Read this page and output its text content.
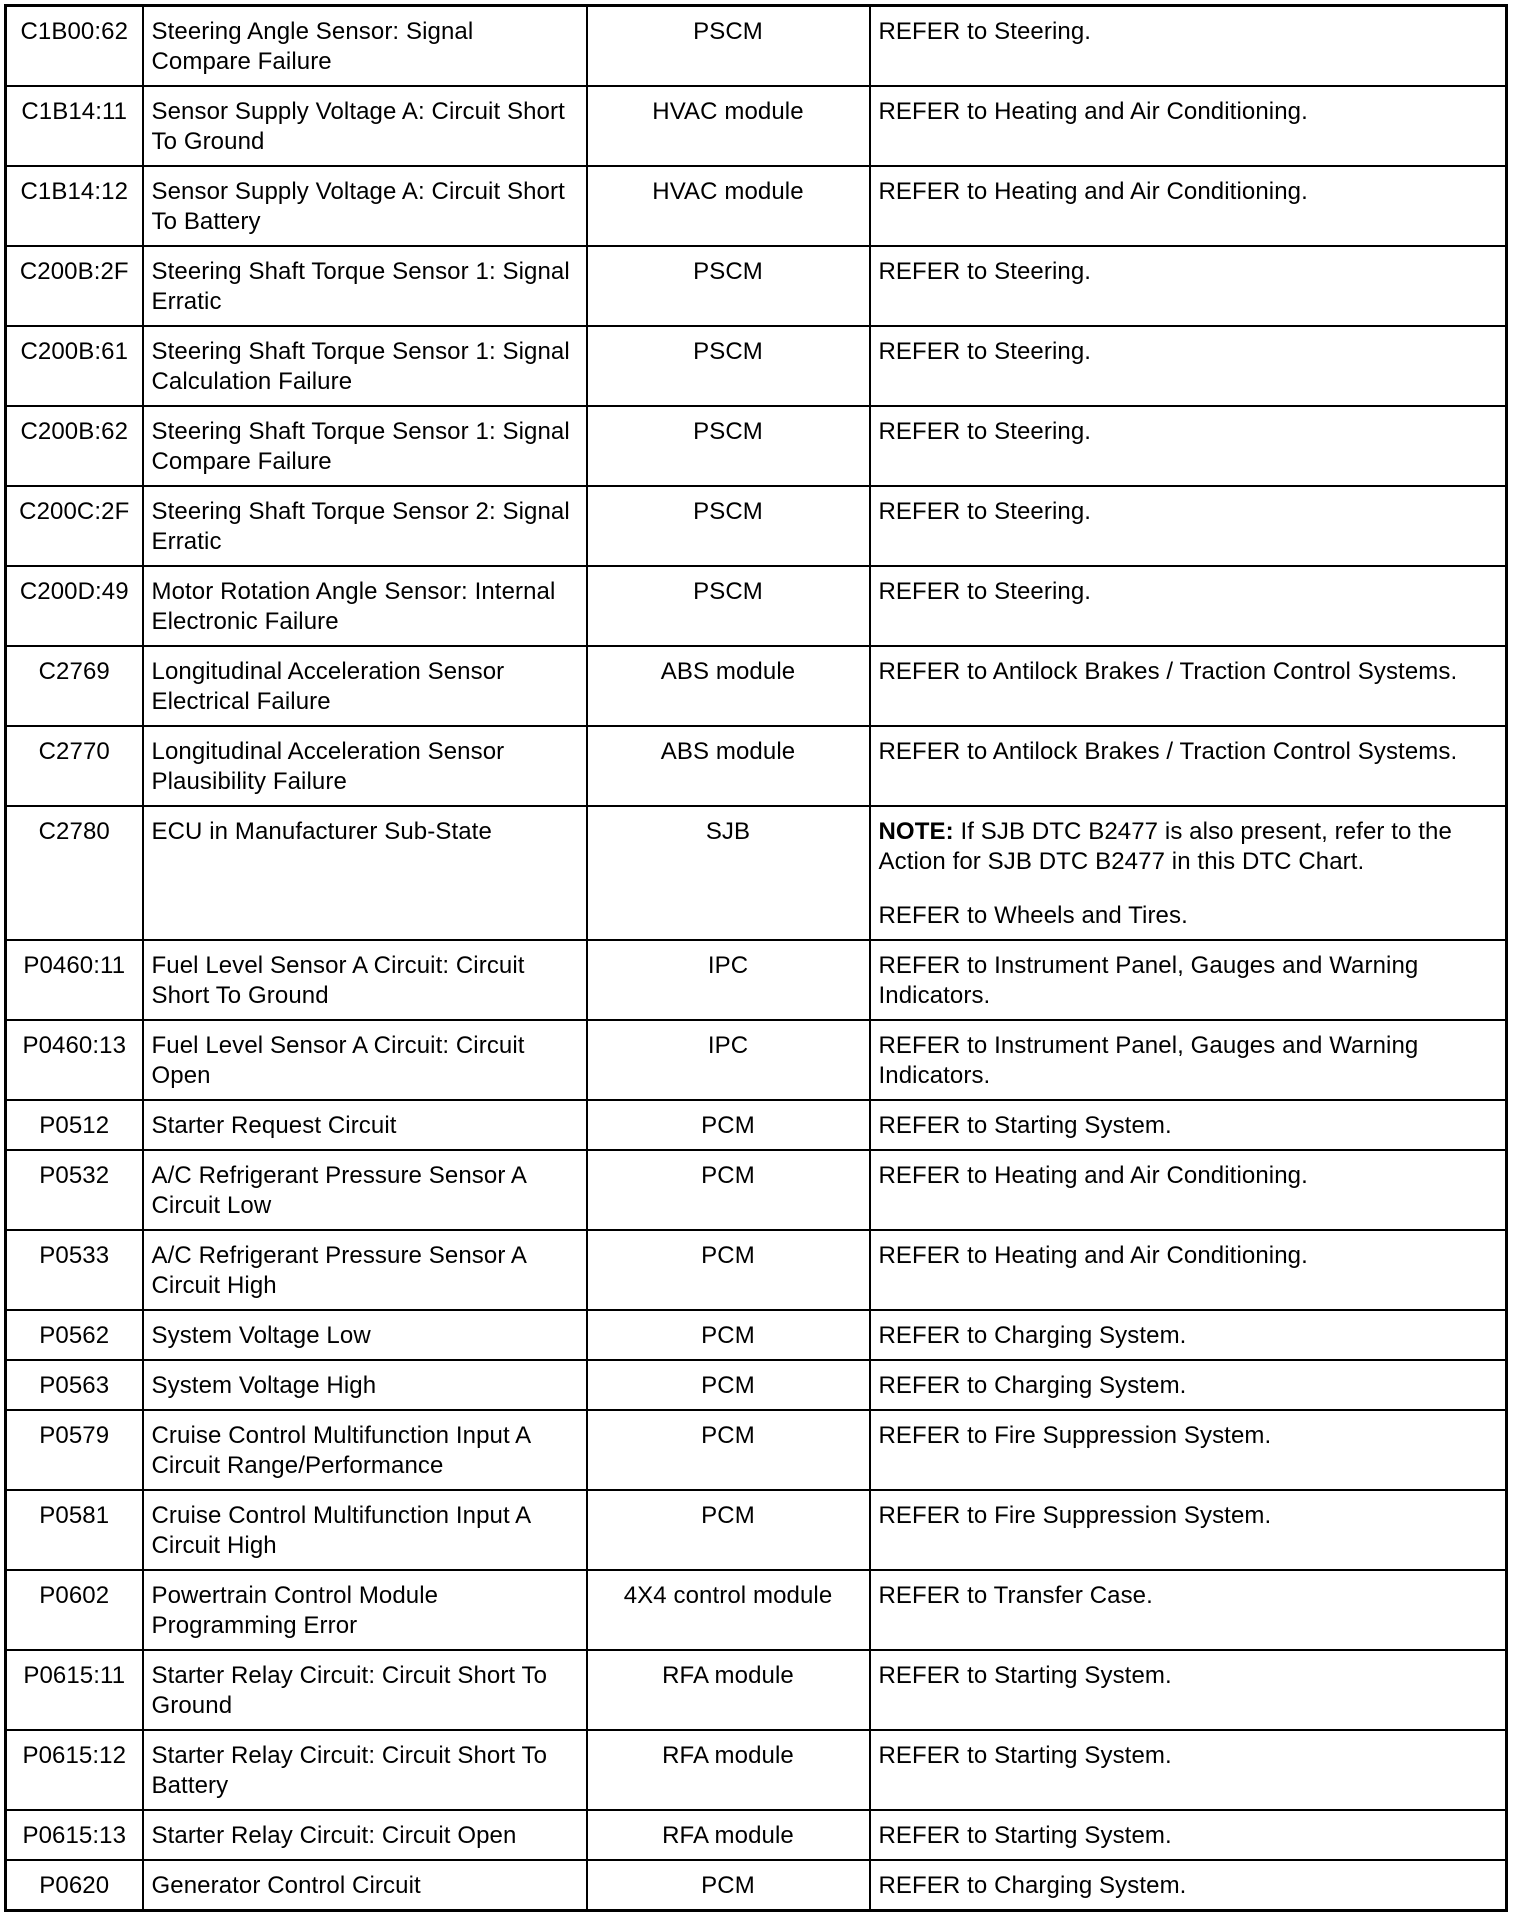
C1B00:62	Steering Angle Sensor: Signal Compare Failure	PSCM	REFER to Steering.
C1B14:11	Sensor Supply Voltage A: Circuit Short To Ground	HVAC module	REFER to Heating and Air Conditioning.
C1B14:12	Sensor Supply Voltage A: Circuit Short To Battery	HVAC module	REFER to Heating and Air Conditioning.
C200B:2F	Steering Shaft Torque Sensor 1: Signal Erratic	PSCM	REFER to Steering.
C200B:61	Steering Shaft Torque Sensor 1: Signal Calculation Failure	PSCM	REFER to Steering.
C200B:62	Steering Shaft Torque Sensor 1: Signal Compare Failure	PSCM	REFER to Steering.
C200C:2F	Steering Shaft Torque Sensor 2: Signal Erratic	PSCM	REFER to Steering.
C200D:49	Motor Rotation Angle Sensor: Internal Electronic Failure	PSCM	REFER to Steering.
C2769	Longitudinal Acceleration Sensor Electrical Failure	ABS module	REFER to Antilock Brakes / Traction Control Systems.
C2770	Longitudinal Acceleration Sensor Plausibility Failure	ABS module	REFER to Antilock Brakes / Traction Control Systems.
C2780	ECU in Manufacturer Sub-State	SJB	NOTE: If SJB DTC B2477 is also present, refer to the Action for SJB DTC B2477 in this DTC Chart.
REFER to Wheels and Tires.
P0460:11	Fuel Level Sensor A Circuit: Circuit Short To Ground	IPC	REFER to Instrument Panel, Gauges and Warning Indicators.
P0460:13	Fuel Level Sensor A Circuit: Circuit Open	IPC	REFER to Instrument Panel, Gauges and Warning Indicators.
P0512	Starter Request Circuit	PCM	REFER to Starting System.
P0532	A/C Refrigerant Pressure Sensor A Circuit Low	PCM	REFER to Heating and Air Conditioning.
P0533	A/C Refrigerant Pressure Sensor A Circuit High	PCM	REFER to Heating and Air Conditioning.
P0562	System Voltage Low	PCM	REFER to Charging System.
P0563	System Voltage High	PCM	REFER to Charging System.
P0579	Cruise Control Multifunction Input A Circuit Range/Performance	PCM	REFER to Fire Suppression System.
P0581	Cruise Control Multifunction Input A Circuit High	PCM	REFER to Fire Suppression System.
P0602	Powertrain Control Module Programming Error	4X4 control module	REFER to Transfer Case.
P0615:11	Starter Relay Circuit: Circuit Short To Ground	RFA module	REFER to Starting System.
P0615:12	Starter Relay Circuit: Circuit Short To Battery	RFA module	REFER to Starting System.
P0615:13	Starter Relay Circuit: Circuit Open	RFA module	REFER to Starting System.
P0620	Generator Control Circuit	PCM	REFER to Charging System.
